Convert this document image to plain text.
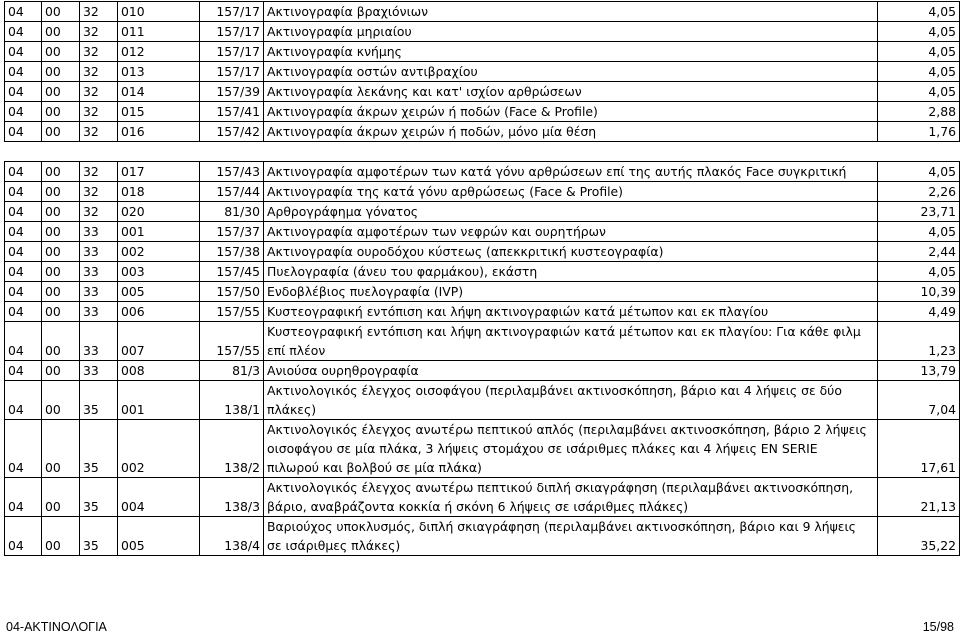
04	00	32	010	157/17	Ακτινογραφία βραχιόνιων	4,05
04	00	32	011	157/17	Ακτινογραφία μηριαίου	4,05
04	00	32	012	157/17	Ακτινογραφία κνήμης	4,05
04	00	32	013	157/17	Ακτινογραφία οστών αντιβραχίου	4,05
04	00	32	014	157/39	Ακτινογραφία λεκάνης και κατ' ισχίον αρθρώσεων	4,05
04	00	32	015	157/41	Ακτινογραφία άκρων χειρών ή ποδών (Face & Profile)	2,88
04	00	32	016	157/42	Ακτινογραφία άκρων χειρών ή ποδών, μόνο μία θέση	1,76

04	00	32	017	157/43	Ακτινογραφία αμφοτέρων των κατά γόνυ αρθρώσεων επί της αυτής πλακός Face συγκριτική	4,05
04	00	32	018	157/44	Ακτινογραφία της κατά γόνυ αρθρώσεως (Face & Profile)	2,26
04	00	32	020	81/30	Αρθρογράφημα γόνατος	23,71
04	00	33	001	157/37	Ακτινογραφία αμφοτέρων των νεφρών και ουρητήρων	4,05
04	00	33	002	157/38	Ακτινογραφία ουροδόχου κύστεως (απεκκριτική κυστεογραφία)	2,44
04	00	33	003	157/45	Πυελογραφία (άνευ του φαρμάκου), εκάστη	4,05
04	00	33	005	157/50	Ενδοβλέβιος πυελογραφία (IVP)	10,39
04	00	33	006	157/55	Κυστεογραφική εντόπιση και λήψη ακτινογραφιών κατά μέτωπον και εκ πλαγίου	4,49
04	00	33	007	157/55	Κυστεογραφική εντόπιση και λήψη ακτινογραφιών κατά μέτωπον και εκ πλαγίου: Για κάθε φιλμ επί πλέον	1,23
04	00	33	008	81/3	Ανιούσα ουρηθρογραφία	13,79
04	00	35	001	138/1	Ακτινολογικός έλεγχος οισοφάγου (περιλαμβάνει ακτινοσκόπηση, βάριο και 4 λήψεις σε δύο πλάκες)	7,04
04	00	35	002	138/2	Ακτινολογικός έλεγχος ανωτέρω πεπτικού απλός (περιλαμβάνει ακτινοσκόπηση, βάριο 2 λήψεις οισοφάγου σε μία πλάκα, 3 λήψεις στομάχου σε ισάριθμες πλάκες και 4 λήψεις EN SERIE πιλωρού και βολβού σε μία πλάκα)	17,61
04	00	35	004	138/3	Ακτινολογικός έλεγχος ανωτέρω πεπτικού διπλή σκιαγράφηση (περιλαμβάνει ακτινοσκόπηση, βάριο, αναβράζοντα κοκκία ή σκόνη 6 λήψεις σε ισάριθμες πλάκες)	21,13
04	00	35	005	138/4	Βαριούχος υποκλυσμός, διπλή σκιαγράφηση (περιλαμβάνει ακτινοσκόπηση, βάριο και 9 λήψεις σε ισάριθμες πλάκες)	35,22
04-ΑΚΤΙΝΟΛΟΓΙΑ	15/98
